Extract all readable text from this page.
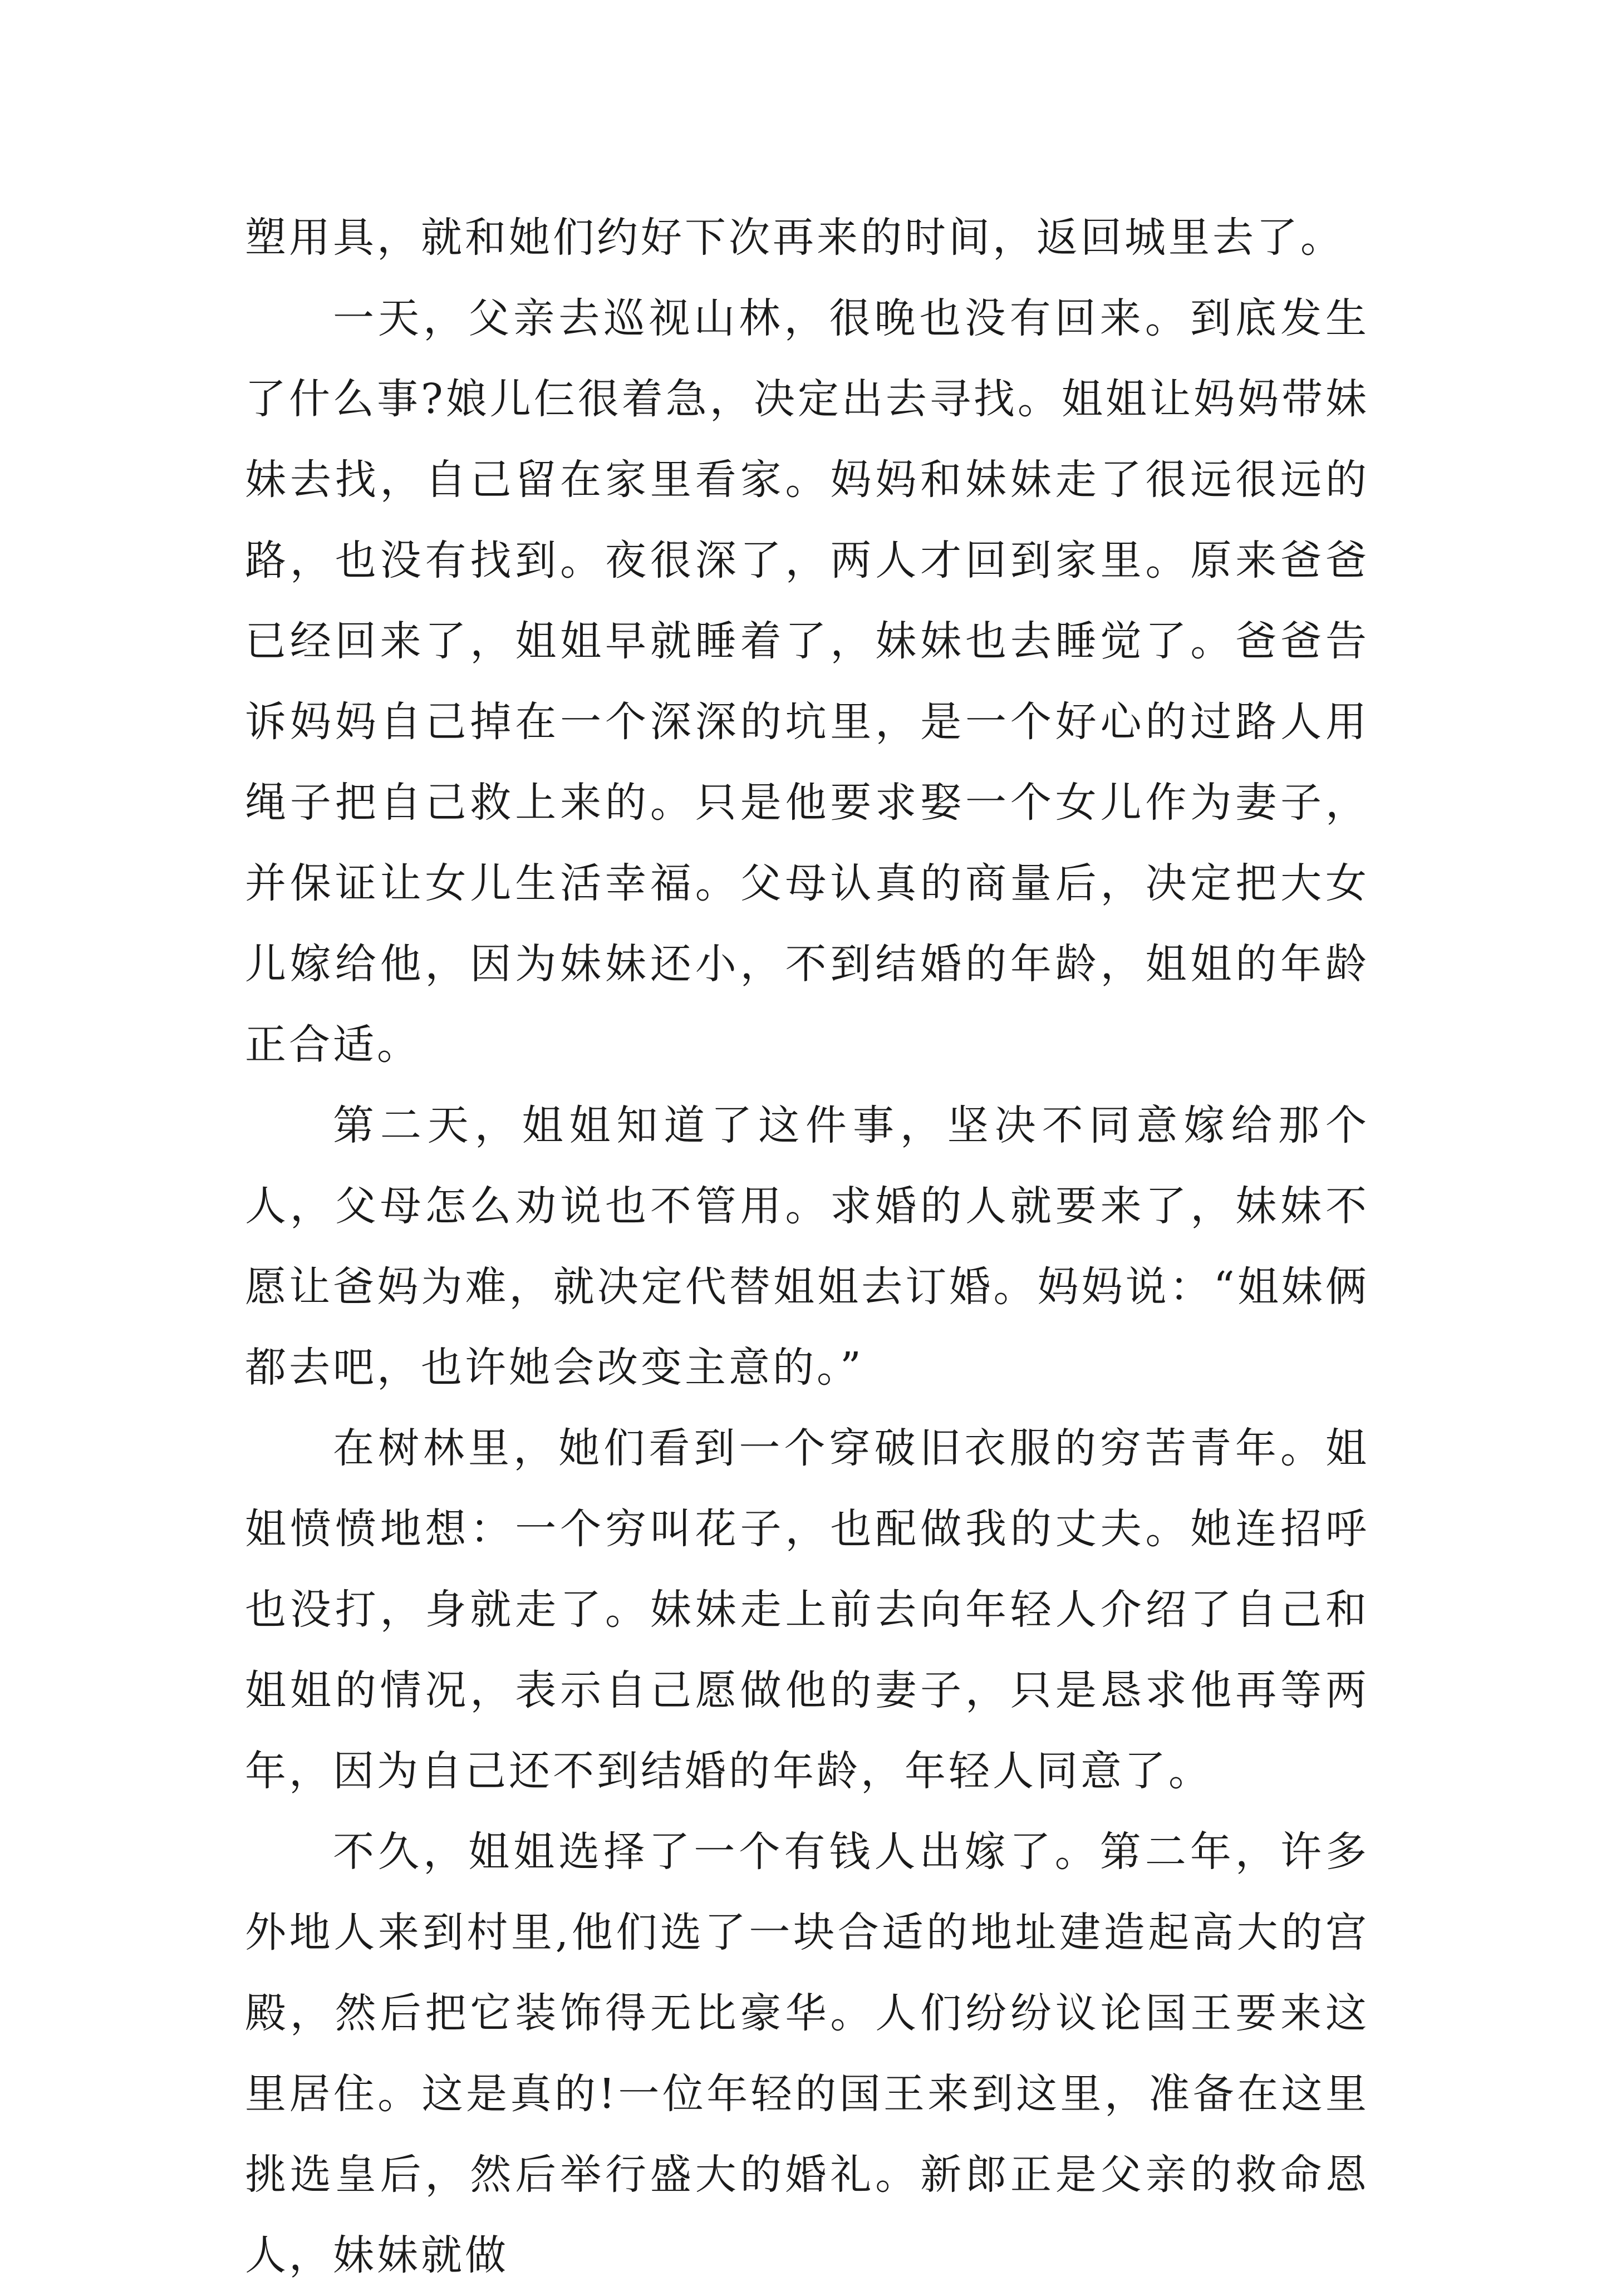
塑用具，就和她们约好下次再来的时间，返回城里去了。

一天，父亲去巡视山林，很晚也没有回来。到底发生了什么事?娘儿仨很着急，决定出去寻找。姐姐让妈妈带妹妹去找，自己留在家里看家。妈妈和妹妹走了很远很远的路，也没有找到。夜很深了，两人才回到家里。原来爸爸已经回来了，姐姐早就睡着了，妹妹也去睡觉了。爸爸告诉妈妈自己掉在一个深深的坑里，是一个好心的过路人用绳子把自己救上来的。只是他要求娶一个女儿作为妻子，并保证让女儿生活幸福。父母认真的商量后，决定把大女儿嫁给他，因为妹妹还小，不到结婚的年龄，姐姐的年龄正合适。

第二天，姐姐知道了这件事，坚决不同意嫁给那个人，父母怎么劝说也不管用。求婚的人就要来了，妹妹不愿让爸妈为难，就决定代替姐姐去订婚。妈妈说：“姐妹俩都去吧，也许她会改变主意的。”

在树林里，她们看到一个穿破旧衣服的穷苦青年。姐姐愤愤地想：一个穷叫花子，也配做我的丈夫。她连招呼也没打，身就走了。妹妹走上前去向年轻人介绍了自己和姐姐的情况，表示自己愿做他的妻子，只是恳求他再等两年，因为自己还不到结婚的年龄，年轻人同意了。

不久，姐姐选择了一个有钱人出嫁了。第二年，许多外地人来到村里,他们选了一块合适的地址建造起高大的宫殿，然后把它装饰得无比豪华。人们纷纷议论国王要来这里居住。这是真的!一位年轻的国王来到这里，准备在这里挑选皇后，然后举行盛大的婚礼。新郎正是父亲的救命恩人，妹妹就做
